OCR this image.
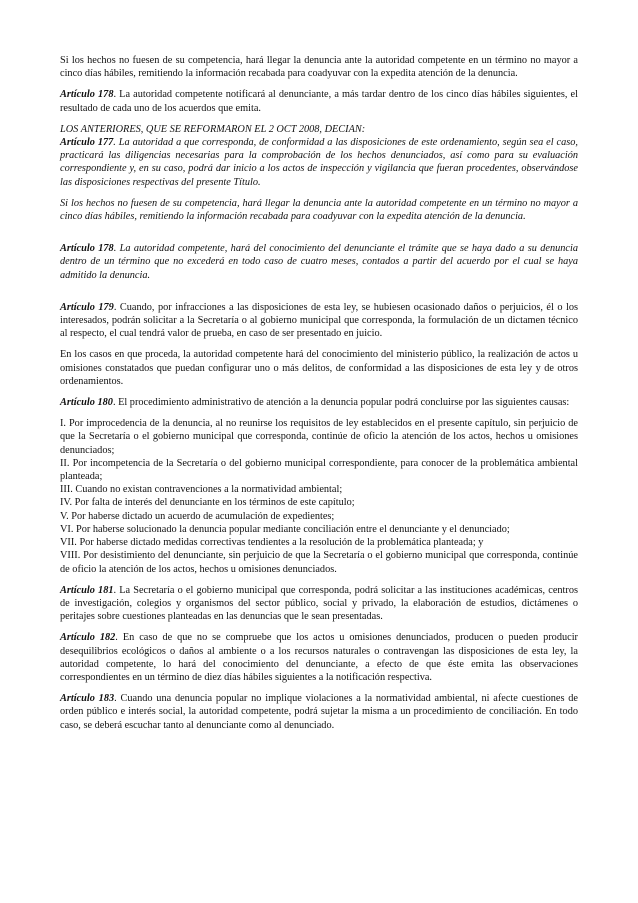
Si los hechos no fuesen de su competencia, hará llegar la denuncia ante la autoridad competente en un término no mayor a cinco días hábiles, remitiendo la información recabada para coadyuvar con la expedita atención de la denuncia.

Artículo 178. La autoridad competente notificará al denunciante, a más tardar dentro de los cinco días hábiles siguientes, el resultado de cada uno de los acuerdos que emita.

LOS ANTERIORES, QUE SE REFORMARON EL 2 OCT 2008, DECIAN:

Artículo 177. La autoridad a que corresponda, de conformidad a las disposiciones de este ordenamiento, según sea el caso, practicará las diligencias necesarias para la comprobación de los hechos denunciados, así como para su evaluación correspondiente y, en su caso, podrá dar inicio a los actos de inspección y vigilancia que fueran procedentes, observándose las disposiciones respectivas del presente Título.

Si los hechos no fuesen de su competencia, hará llegar la denuncia ante la autoridad competente en un término no mayor a cinco días hábiles, remitiendo la información recabada para coadyuvar con la expedita atención de la denuncia.

Artículo 178. La autoridad competente, hará del conocimiento del denunciante el trámite que se haya dado a su denuncia dentro de un término que no excederá en todo caso de cuatro meses, contados a partir del acuerdo por el cual se haya admitido la denuncia.

Artículo 179. Cuando, por infracciones a las disposiciones de esta ley, se hubiesen ocasionado daños o perjuicios, él o los interesados, podrán solicitar a la Secretaría o al gobierno municipal que corresponda, la formulación de un dictamen técnico al respecto, el cual tendrá valor de prueba, en caso de ser presentado en juicio.

En los casos en que proceda, la autoridad competente hará del conocimiento del ministerio público, la realización de actos u omisiones constatados que puedan configurar uno o más delitos, de conformidad a las disposiciones de esta ley y de otros ordenamientos.

Artículo 180. El procedimiento administrativo de atención a la denuncia popular podrá concluirse por las siguientes causas:

I. Por improcedencia de la denuncia, al no reunirse los requisitos de ley establecidos en el presente capítulo, sin perjuicio de que la Secretaría o el gobierno municipal que corresponda, continúe de oficio la atención de los actos, hechos u omisiones denunciados;

II. Por incompetencia de la Secretaría o del gobierno municipal correspondiente, para conocer de la problemática ambiental planteada;

III. Cuando no existan contravenciones a la normatividad ambiental;

IV. Por falta de interés del denunciante en los términos de este capítulo;

V. Por haberse dictado un acuerdo de acumulación de expedientes;

VI. Por haberse solucionado la denuncia popular mediante conciliación entre el denunciante y el denunciado;

VII. Por haberse dictado medidas correctivas tendientes a la resolución de la problemática planteada; y

VIII. Por desistimiento del denunciante, sin perjuicio de que la Secretaría o el gobierno municipal que corresponda, continúe de oficio la atención de los actos, hechos u omisiones denunciados.

Artículo 181. La Secretaría o el gobierno municipal que corresponda, podrá solicitar a las instituciones académicas, centros de investigación, colegios y organismos del sector público, social y privado, la elaboración de estudios, dictámenes o peritajes sobre cuestiones planteadas en las denuncias que le sean presentadas.

Artículo 182. En caso de que no se compruebe que los actos u omisiones denunciados, producen o pueden producir desequilibrios ecológicos o daños al ambiente o a los recursos naturales o contravengan las disposiciones de esta ley, la autoridad competente, lo hará del conocimiento del denunciante, a efecto de que éste emita las observaciones correspondientes en un término de diez días hábiles siguientes a la notificación respectiva.

Artículo 183. Cuando una denuncia popular no implique violaciones a la normatividad ambiental, ni afecte cuestiones de orden público e interés social, la autoridad competente, podrá sujetar la misma a un procedimiento de conciliación. En todo caso, se deberá escuchar tanto al denunciante como al denunciado.
